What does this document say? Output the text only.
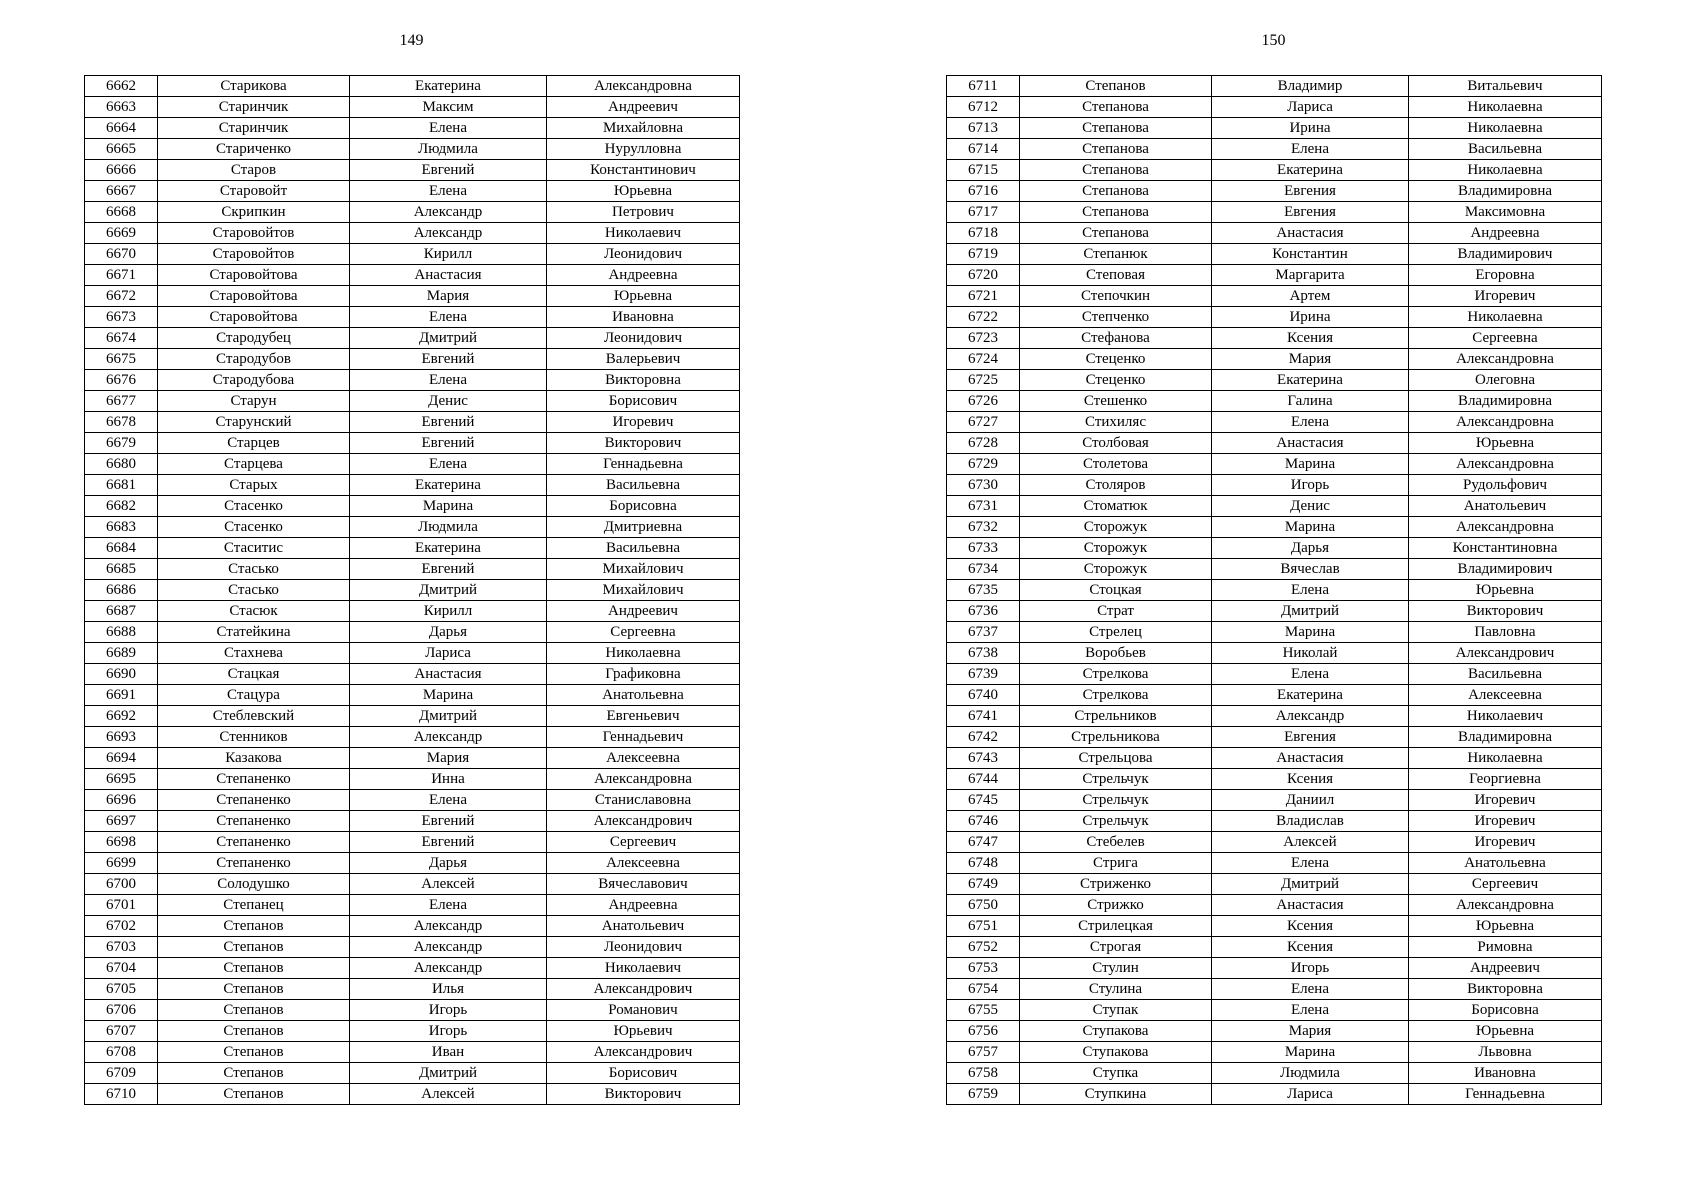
149
6662	Старикова	Екатерина	Александровна
6663	Старинчик	Максим	Андреевич
6664	Старинчик	Елена	Михайловна
6665	Стариченко	Людмила	Нурулловна
6666	Старов	Евгений	Константинович
6667	Старовойт	Елена	Юрьевна
6668	Скрипкин	Александр	Петрович
6669	Старовойтов	Александр	Николаевич
6670	Старовойтов	Кирилл	Леонидович
6671	Старовойтова	Анастасия	Андреевна
6672	Старовойтова	Мария	Юрьевна
6673	Старовойтова	Елена	Ивановна
6674	Стародубец	Дмитрий	Леонидович
6675	Стародубов	Евгений	Валерьевич
6676	Стародубова	Елена	Викторовна
6677	Старун	Денис	Борисович
6678	Старунский	Евгений	Игоревич
6679	Старцев	Евгений	Викторович
6680	Старцева	Елена	Геннадьевна
6681	Старых	Екатерина	Васильевна
6682	Стасенко	Марина	Борисовна
6683	Стасенко	Людмила	Дмитриевна
6684	Стаситис	Екатерина	Васильевна
6685	Стасько	Евгений	Михайлович
6686	Стасько	Дмитрий	Михайлович
6687	Стасюк	Кирилл	Андреевич
6688	Статейкина	Дарья	Сергеевна
6689	Стахнева	Лариса	Николаевна
6690	Стацкая	Анастасия	Графиковна
6691	Стацура	Марина	Анатольевна
6692	Стеблевский	Дмитрий	Евгеньевич
6693	Стенников	Александр	Геннадьевич
6694	Казакова	Мария	Алексеевна
6695	Степаненко	Инна	Александровна
6696	Степаненко	Елена	Станиславовна
6697	Степаненко	Евгений	Александрович
6698	Степаненко	Евгений	Сергеевич
6699	Степаненко	Дарья	Алексеевна
6700	Солодушко	Алексей	Вячеславович
6701	Степанец	Елена	Андреевна
6702	Степанов	Александр	Анатольевич
6703	Степанов	Александр	Леонидович
6704	Степанов	Александр	Николаевич
6705	Степанов	Илья	Александрович
6706	Степанов	Игорь	Романович
6707	Степанов	Игорь	Юрьевич
6708	Степанов	Иван	Александрович
6709	Степанов	Дмитрий	Борисович
6710	Степанов	Алексей	Викторович
150
6711	Степанов	Владимир	Витальевич
6712	Степанова	Лариса	Николаевна
6713	Степанова	Ирина	Николаевна
6714	Степанова	Елена	Васильевна
6715	Степанова	Екатерина	Николаевна
6716	Степанова	Евгения	Владимировна
6717	Степанова	Евгения	Максимовна
6718	Степанова	Анастасия	Андреевна
6719	Степанюк	Константин	Владимирович
6720	Степовая	Маргарита	Егоровна
6721	Степочкин	Артем	Игоревич
6722	Степченко	Ирина	Николаевна
6723	Стефанова	Ксения	Сергеевна
6724	Стеценко	Мария	Александровна
6725	Стеценко	Екатерина	Олеговна
6726	Стешенко	Галина	Владимировна
6727	Стихиляс	Елена	Александровна
6728	Столбовая	Анастасия	Юрьевна
6729	Столетова	Марина	Александровна
6730	Столяров	Игорь	Рудольфович
6731	Стоматюк	Денис	Анатольевич
6732	Сторожук	Марина	Александровна
6733	Сторожук	Дарья	Константиновна
6734	Сторожук	Вячеслав	Владимирович
6735	Стоцкая	Елена	Юрьевна
6736	Страт	Дмитрий	Викторович
6737	Стрелец	Марина	Павловна
6738	Воробьев	Николай	Александрович
6739	Стрелкова	Елена	Васильевна
6740	Стрелкова	Екатерина	Алексеевна
6741	Стрельников	Александр	Николаевич
6742	Стрельникова	Евгения	Владимировна
6743	Стрельцова	Анастасия	Николаевна
6744	Стрельчук	Ксения	Георгиевна
6745	Стрельчук	Даниил	Игоревич
6746	Стрельчук	Владислав	Игоревич
6747	Стебелев	Алексей	Игоревич
6748	Стрига	Елена	Анатольевна
6749	Стриженко	Дмитрий	Сергеевич
6750	Стрижко	Анастасия	Александровна
6751	Стрилецкая	Ксения	Юрьевна
6752	Строгая	Ксения	Римовна
6753	Стулин	Игорь	Андреевич
6754	Стулина	Елена	Викторовна
6755	Ступак	Елена	Борисовна
6756	Ступакова	Мария	Юрьевна
6757	Ступакова	Марина	Львовна
6758	Ступка	Людмила	Ивановна
6759	Ступкина	Лариса	Геннадьевна
